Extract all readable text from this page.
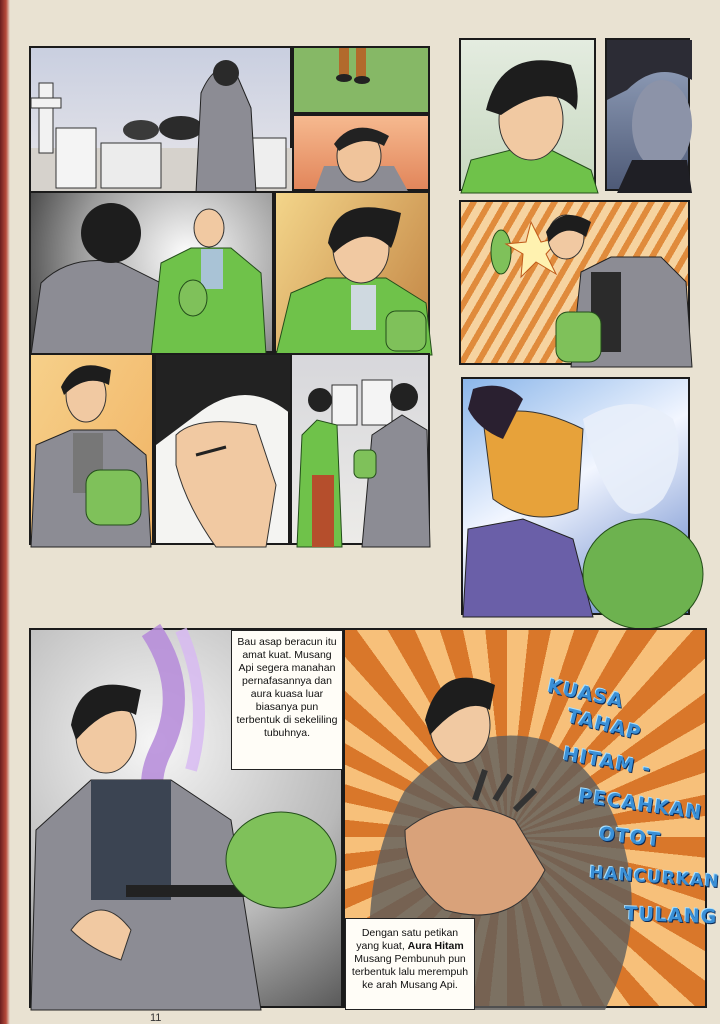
Bau asap beracun itu amat kuat. Musang Api segera manahan pernafasannya dan aura kuasa luar biasanya pun terbentuk di sekeliling tubuhnya.
KUASA
TAHAP
HITAM -
PECAHKAN
OTOT
HANCURKAN
TULANG
Dengan satu petikan yang kuat, Aura Hitam Musang Pembunuh pun terbentuk lalu merempuh ke arah Musang Api.
11
